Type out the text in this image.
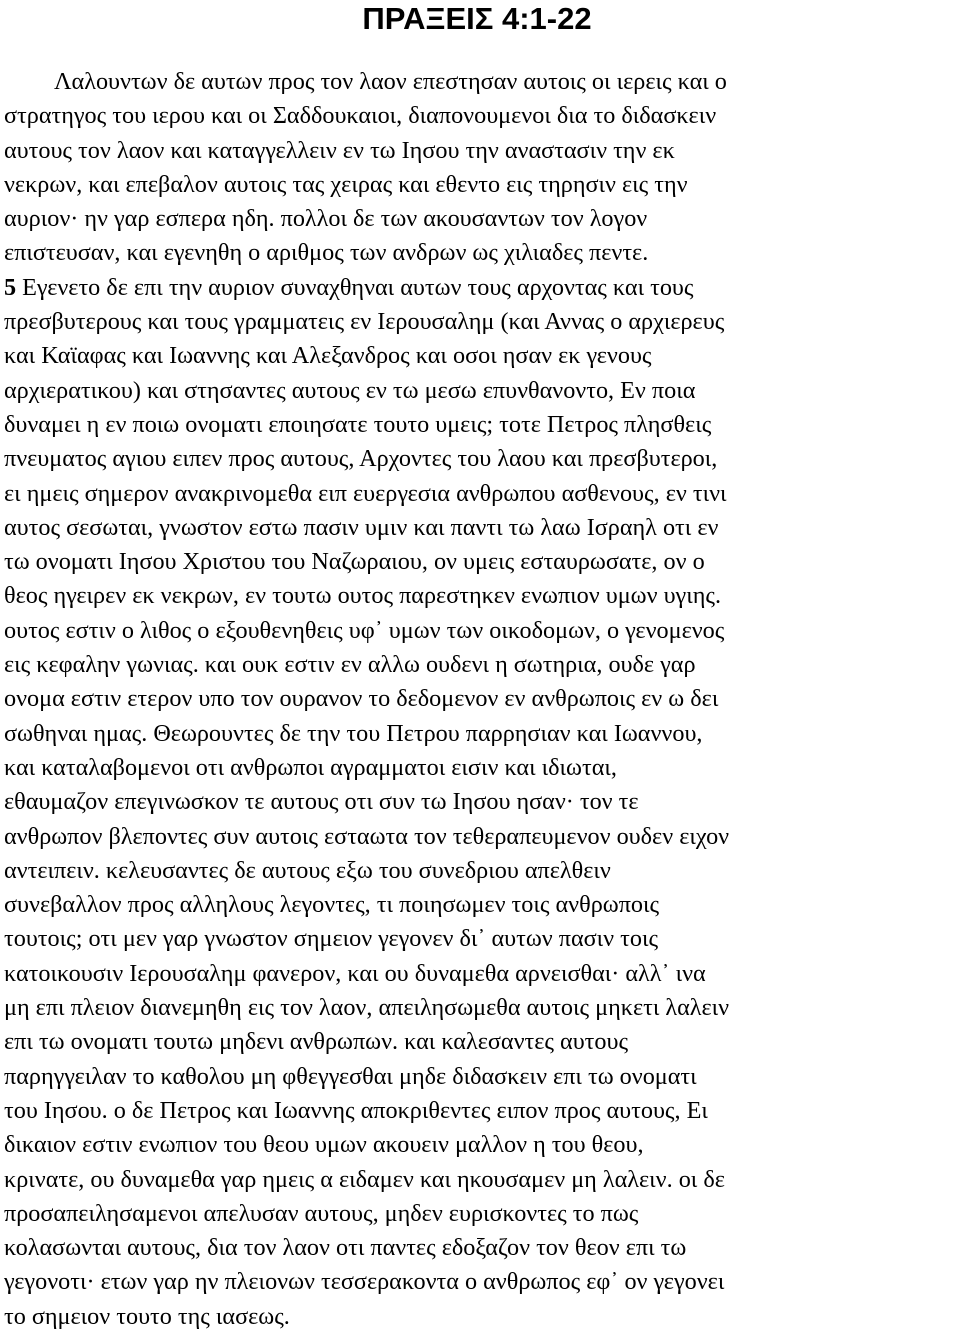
ΠΡΑΞΕΙΣ 4:1-22
Λαλουντων δε αυτων προς τον λαον επεστησαν αυτοις οι ιερεις και ο
στρατηγος του ιερου και οι Σαδδουκαιοι, διαπονουμενοι δια το διδασκειν
αυτους τον λαον και καταγγελλειν εν τω Ιησου την αναστασιν την εκ
νεκρων, και επεβαλον αυτοις τας χειρας και εθεντο εις τηρησιν εις την
αυριον· ην γαρ εσπερα ηδη. πολλοι δε των ακουσαντων τον λογον
επιστευσαν, και εγενηθη ο αριθμος των ανδρων ως χιλιαδες πεντε.
5 Εγενετο δε επι την αυριον συναχθηναι αυτων τους αρχοντας και τους
πρεσβυτερους και τους γραμματεις εν Ιερουσαλημ (και Αννας ο αρχιερευς
και Καϊαφας και Ιωαννης και Αλεξανδρος και οσοι ησαν εκ γενους
αρχιερατικου) και στησαντες αυτους εν τω μεσω επυνθανοντο, Εν ποια
δυναμει η εν ποιω ονοματι εποιησατε τουτο υμεις; τοτε Πετρος πλησθεις
πνευματος αγιου ειπεν προς αυτους, Αρχοντες του λαου και πρεσβυτεροι,
ει ημεις σημερον ανακρινομεθα ειπ ευεργεσια ανθρωπου ασθενους, εν τινι
αυτος σεσωται, γνωστον εστω πασιν υμιν και παντι τω λαω Ισραηλ οτι εν
τω ονοματι Ιησου Χριστου του Ναζωραιου, ον υμεις εσταυρωσατε, ον ο
θεος ηγειρεν εκ νεκρων, εν τουτω ουτος παρεστηκεν ενωπιον υμων υγιης.
ουτος εστιν ο λιθος ο εξουθενηθεις υφ᾽ υμων των οικοδομων, ο γενομενος
εις κεφαλην γωνιας. και ουκ εστιν εν αλλω ουδενι η σωτηρια, ουδε γαρ
ονομα εστιν ετερον υπο τον ουρανον το δεδομενον εν ανθρωποις εν ω δει
σωθηναι ημας. Θεωρουντες δε την του Πετρου παρρησιαν και Ιωαννου,
και καταλαβομενοι οτι ανθρωποι αγραμματοι εισιν και ιδιωται,
εθαυμαζον επεγινωσκον τε αυτους οτι συν τω Ιησου ησαν· τον τε
ανθρωπον βλεποντες συν αυτοις εσταωτα τον τεθεραπευμενον ουδεν ειχον
αντειπειν. κελευσαντες δε αυτους εξω του συνεδριου απελθειν
συνεβαλλον προς αλληλους λεγοντες, τι ποιησωμεν τοις ανθρωποις
τουτοις; οτι μεν γαρ γνωστον σημειον γεγονεν δι᾽ αυτων πασιν τοις
κατοικουσιν Ιερουσαλημ φανερον, και ου δυναμεθα αρνεισθαι· αλλ᾽ ινα
μη επι πλειον διανεμηθη εις τον λαον, απειλησωμεθα αυτοις μηκετι λαλειν
επι τω ονοματι τουτω μηδενι ανθρωπων. και καλεσαντες αυτους
παρηγγειλαν το καθολου μη φθεγγεσθαι μηδε διδασκειν επι τω ονοματι
του Ιησου. ο δε Πετρος και Ιωαννης αποκριθεντες ειπον προς αυτους, Ει
δικαιον εστιν ενωπιον του θεου υμων ακουειν μαλλον η του θεου,
κρινατε, ου δυναμεθα γαρ ημεις α ειδαμεν και ηκουσαμεν μη λαλειν. οι δε
προσαπειλησαμενοι απελυσαν αυτους, μηδεν ευρισκοντες το πως
κολασωνται αυτους, δια τον λαον οτι παντες εδοξαζον τον θεον επι τω
γεγονοτι· ετων γαρ ην πλειονων τεσσερακοντα ο ανθρωπος εφ᾽ ον γεγονει
το σημειον τουτο της ιασεως.
